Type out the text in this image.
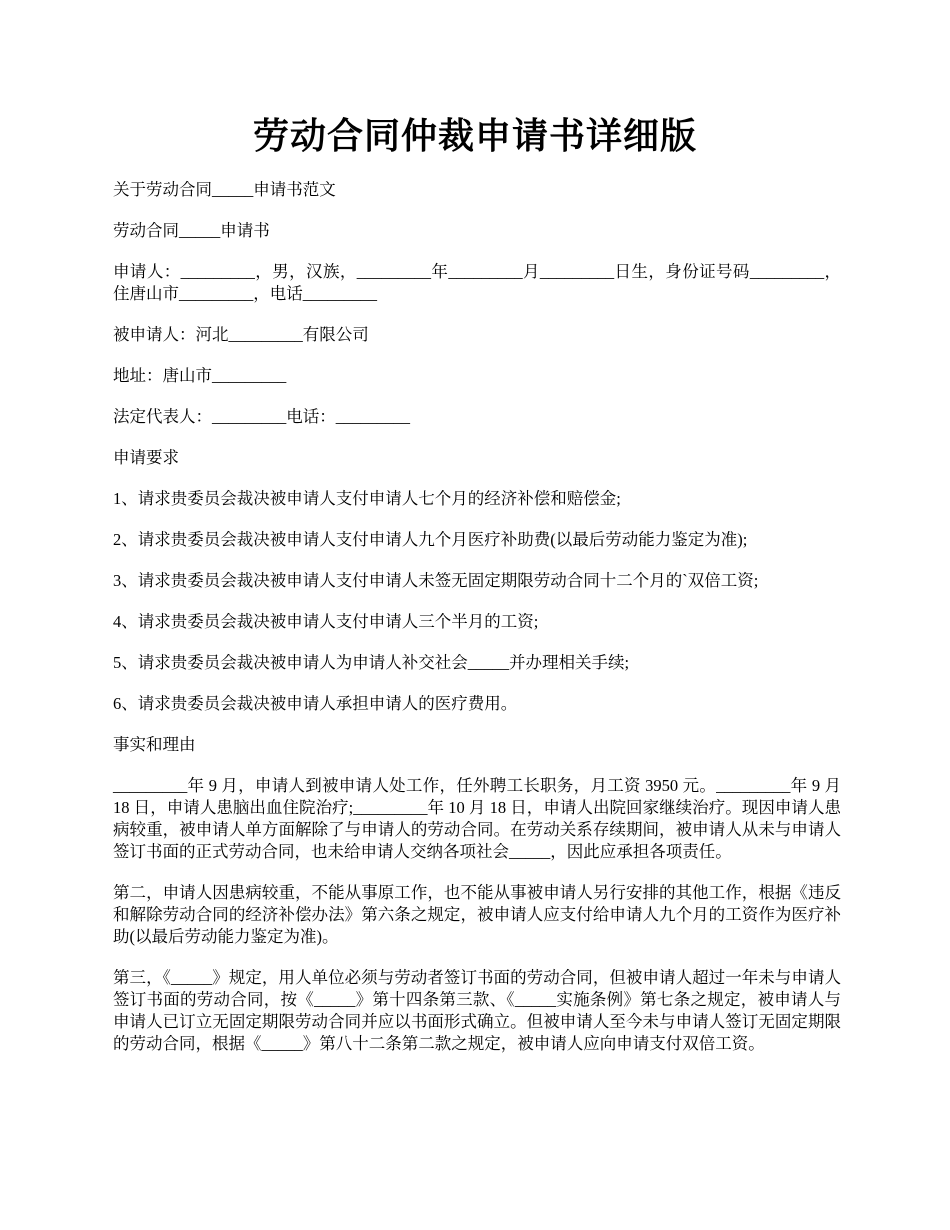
劳动合同仲裁申请书详细版

关于劳动合同_____申请书范文

劳动合同_____申请书

申请人：_________，男，汉族，_________年_________月_________日生，身份证号码_________，住唐山市_________，电话_________

被申请人：河北_________有限公司

地址：唐山市_________

法定代表人：_________电话：_________

申请要求

1、请求贵委员会裁决被申请人支付申请人七个月的经济补偿和赔偿金;

2、请求贵委员会裁决被申请人支付申请人九个月医疗补助费(以最后劳动能力鉴定为准);

3、请求贵委员会裁决被申请人支付申请人未签无固定期限劳动合同十二个月的`双倍工资;

4、请求贵委员会裁决被申请人支付申请人三个半月的工资;

5、请求贵委员会裁决被申请人为申请人补交社会_____并办理相关手续;

6、请求贵委员会裁决被申请人承担申请人的医疗费用。

事实和理由

_________年 9 月，申请人到被申请人处工作，任外聘工长职务，月工资 3950 元。_________年 9 月 18 日，申请人患脑出血住院治疗;_________年 10 月 18 日，申请人出院回家继续治疗。现因申请人患病较重，被申请人单方面解除了与申请人的劳动合同。在劳动关系存续期间，被申请人从未与申请人签订书面的正式劳动合同，也未给申请人交纳各项社会_____，因此应承担各项责任。

第二，申请人因患病较重，不能从事原工作，也不能从事被申请人另行安排的其他工作，根据《违反和解除劳动合同的经济补偿办法》第六条之规定，被申请人应支付给申请人九个月的工资作为医疗补助(以最后劳动能力鉴定为准)。

第三，《_____》规定，用人单位必须与劳动者签订书面的劳动合同，但被申请人超过一年未与申请人签订书面的劳动合同，按《_____》第十四条第三款、《_____实施条例》第七条之规定，被申请人与申请人已订立无固定期限劳动合同并应以书面形式确立。但被申请人至今未与申请人签订无固定期限的劳动合同，根据《_____》第八十二条第二款之规定，被申请人应向申请支付双倍工资。
